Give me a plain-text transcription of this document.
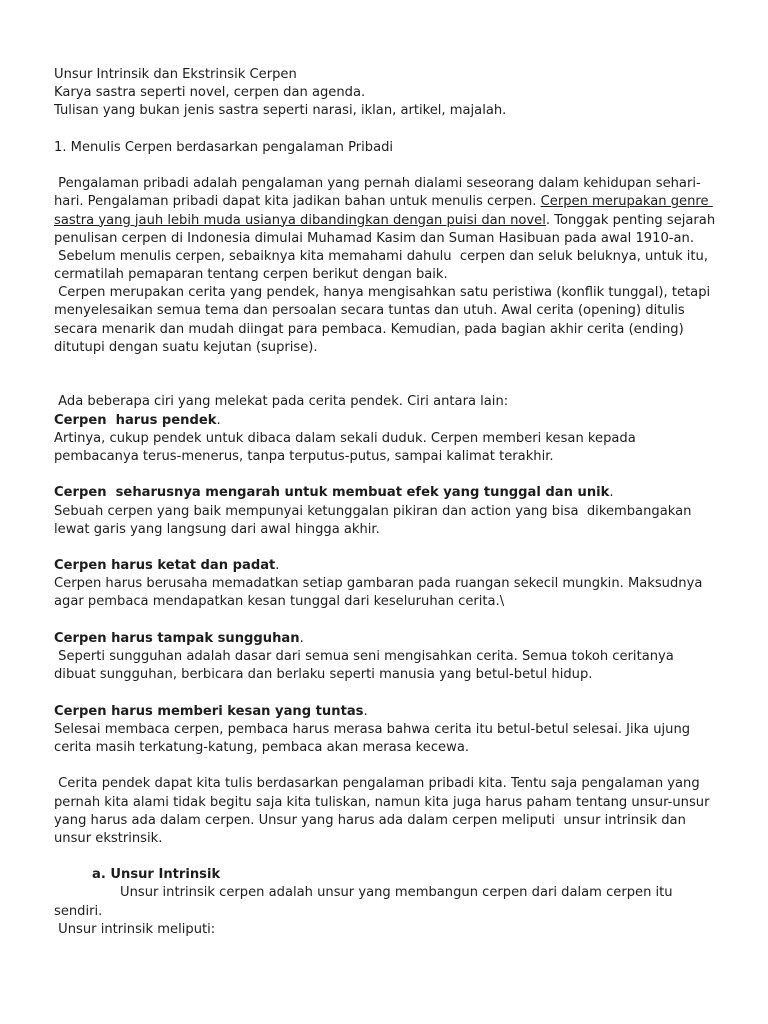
Unsur Intrinsik dan Ekstrinsik Cerpen
Karya sastra seperti novel, cerpen dan agenda.
Tulisan yang bukan jenis sastra seperti narasi, iklan, artikel, majalah.
1. Menulis Cerpen berdasarkan pengalaman Pribadi
Pengalaman pribadi adalah pengalaman yang pernah dialami seseorang dalam kehidupan sehari-
hari. Pengalaman pribadi dapat kita jadikan bahan untuk menulis cerpen. Cerpen merupakan genre
sastra yang jauh lebih muda usianya dibandingkan dengan puisi dan novel. Tonggak penting sejarah
penulisan cerpen di Indonesia dimulai Muhamad Kasim dan Suman Hasibuan pada awal 1910-an.
Sebelum menulis cerpen, sebaiknya kita memahami dahulu  cerpen dan seluk beluknya, untuk itu,
cermatilah pemaparan tentang cerpen berikut dengan baik.
Cerpen merupakan cerita yang pendek, hanya mengisahkan satu peristiwa (konflik tunggal), tetapi
menyelesaikan semua tema dan persoalan secara tuntas dan utuh. Awal cerita (opening) ditulis
secara menarik dan mudah diingat para pembaca. Kemudian, pada bagian akhir cerita (ending)
ditutupi dengan suatu kejutan (suprise).
Ada beberapa ciri yang melekat pada cerita pendek. Ciri antara lain:
Cerpen  harus pendek.
Artinya, cukup pendek untuk dibaca dalam sekali duduk. Cerpen memberi kesan kepada
pembacanya terus-menerus, tanpa terputus-putus, sampai kalimat terakhir.
Cerpen  seharusnya mengarah untuk membuat efek yang tunggal dan unik.
Sebuah cerpen yang baik mempunyai ketunggalan pikiran dan action yang bisa  dikembangakan
lewat garis yang langsung dari awal hingga akhir.
Cerpen harus ketat dan padat.
Cerpen harus berusaha memadatkan setiap gambaran pada ruangan sekecil mungkin. Maksudnya
agar pembaca mendapatkan kesan tunggal dari keseluruhan cerita.\
Cerpen harus tampak sungguhan.
Seperti sungguhan adalah dasar dari semua seni mengisahkan cerita. Semua tokoh ceritanya
dibuat sungguhan, berbicara dan berlaku seperti manusia yang betul-betul hidup.
Cerpen harus memberi kesan yang tuntas.
Selesai membaca cerpen, pembaca harus merasa bahwa cerita itu betul-betul selesai. Jika ujung
cerita masih terkatung-katung, pembaca akan merasa kecewa.
Cerita pendek dapat kita tulis berdasarkan pengalaman pribadi kita. Tentu saja pengalaman yang
pernah kita alami tidak begitu saja kita tuliskan, namun kita juga harus paham tentang unsur-unsur
yang harus ada dalam cerpen. Unsur yang harus ada dalam cerpen meliputi  unsur intrinsik dan
unsur ekstrinsik.
a. Unsur Intrinsik
Unsur intrinsik cerpen adalah unsur yang membangun cerpen dari dalam cerpen itu
sendiri.
Unsur intrinsik meliputi:
